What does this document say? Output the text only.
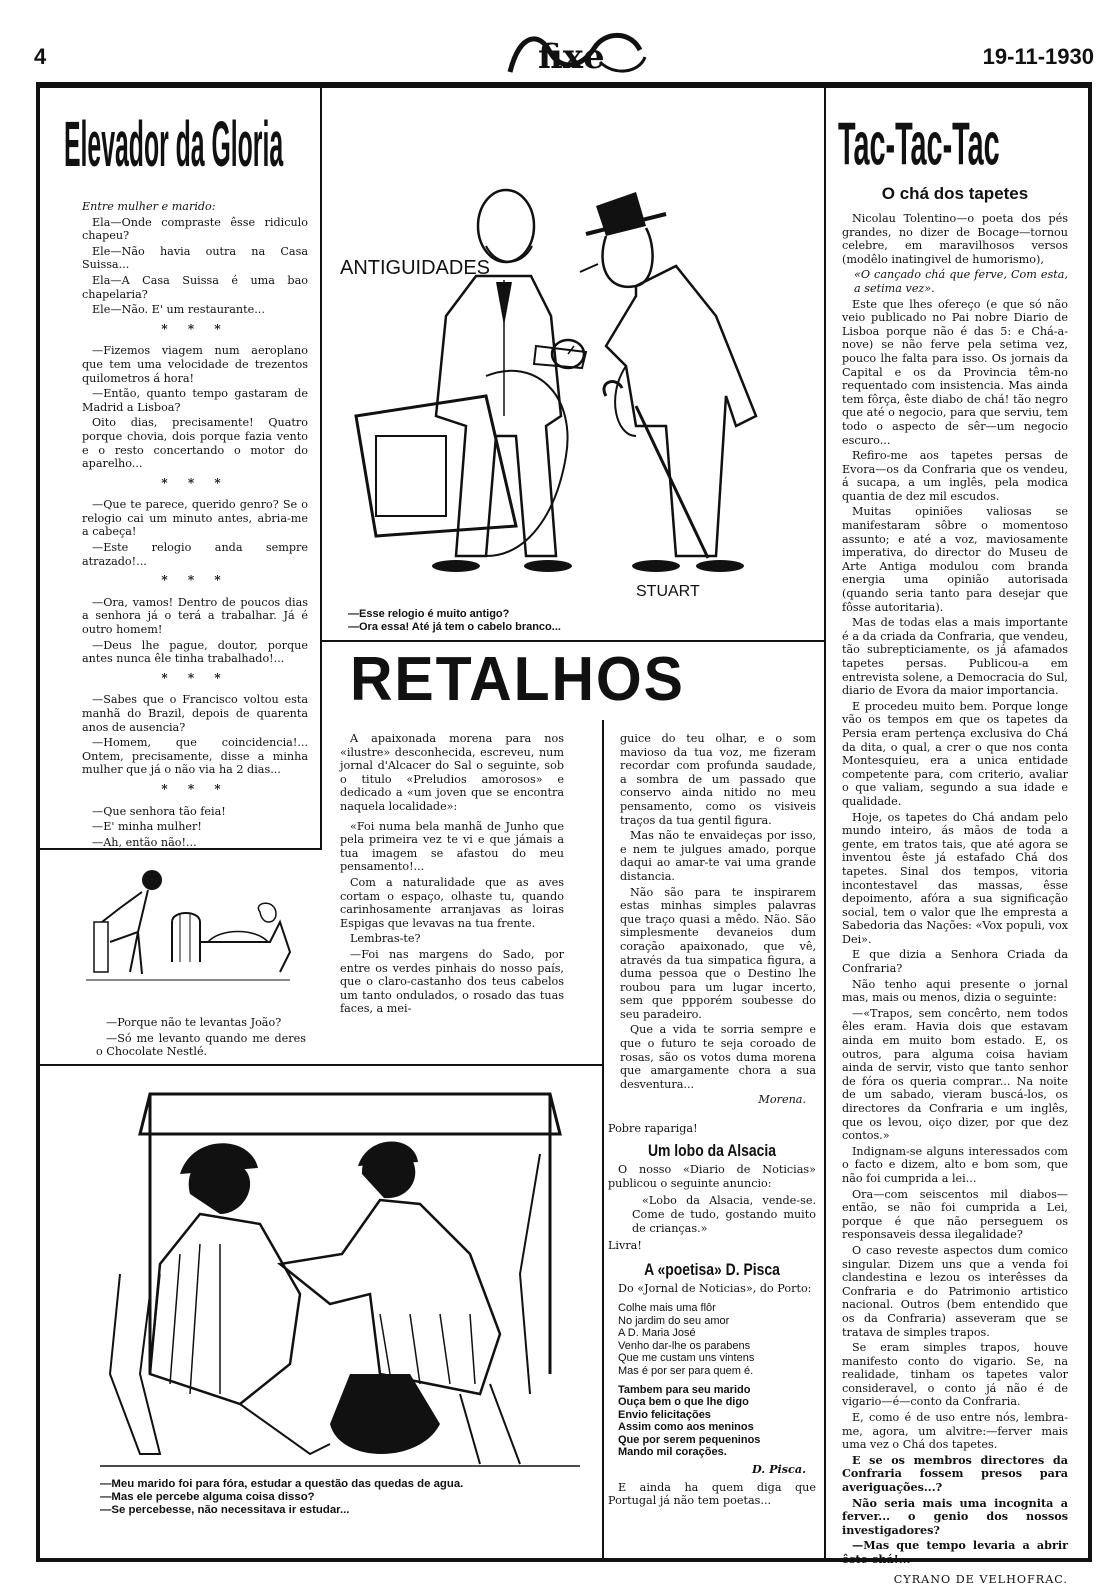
4	fixe	19-11-1930
Elevador da Gloria

Entre mulher e marido:

Ela—Onde compraste êsse ridiculo chapeu?

Ele—Não havia outra na Casa Suissa...

Ela—A Casa Suissa é uma bao chapelaria?

Ele—Não. E' um restaurante...

* * *

—Fizemos viagem num aeroplano que tem uma velocidade de trezentos quilometros á hora!

—Então, quanto tempo gastaram de Madrid a Lisboa?

Oito dias, precisamente! Quatro porque chovia, dois porque fazia vento e o resto concertando o motor do aparelho...

* * *

—Que te parece, querido genro? Se o relogio cai um minuto antes, abria-me a cabeça!

—Este relogio anda sempre atrazado!...

* * *

—Ora, vamos! Dentro de poucos dias a senhora já o terá a trabalhar. Já é outro homem!

—Deus lhe pague, doutor, porque antes nunca êle tinha trabalhado!...

* * *

—Sabes que o Francisco voltou esta manhã do Brazil, depois de quarenta anos de ausencia?

—Homem, que coincidencia!... Ontem, precisamente, disse a minha mulher que já o não via ha 2 dias...

* * *

—Que senhora tão feia!

—E' minha mulher!

—Ah, então não!...

—Porque não te levantas João?

—Só me levanto quando me deres o Chocolate Nestlé.

ANTIGUIDADES
STUART
—Esse relogio é muito antigo?
—Ora essa! Até já tem o cabelo branco...
RETALHOS

A apaixonada morena para nos «ilustre» desconhecida, escreveu, num jornal d'Alcacer do Sal o seguinte, sob o titulo «Preludios amorosos» e dedicado a «um joven que se encontra naquela localidade»:

«Foi numa bela manhã de Junho que pela primeira vez te vi e que jámais a tua imagem se afastou do meu pensamento!...

Com a naturalidade que as aves cortam o espaço, olhaste tu, quando carinhosamente arranjavas as loiras Espigas que levavas na tua frente.

Lembras-te?

—Foi nas margens do Sado, por entre os verdes pinhais do nosso país, que o claro-castanho dos teus cabelos um tanto ondulados, o rosado das tuas faces, a mei-

guice do teu olhar, e o som mavioso da tua voz, me fizeram recordar com profunda saudade, a sombra de um passado que conservo ainda nitido no meu pensamento, como os visiveis traços da tua gentil figura.

Mas não te envaideças por isso, e nem te julgues amado, porque daqui ao amar-te vai uma grande distancia.

Não são para te inspirarem estas minhas simples palavras que traço quasi a mêdo. Não. São simplesmente devaneios dum coração apaixonado, que vê, através da tua simpatica figura, a duma pessoa que o Destino lhe roubou para um lugar incerto, sem que ppporém soubesse do seu paradeiro.

Que a vida te sorria sempre e que o futuro te seja coroado de rosas, são os votos duma morena que amargamente chora a sua desventura...

Morena.

Pobre rapariga!

Um lobo da Alsacia

O nosso «Diario de Noticias» publicou o seguinte anuncio:

«Lobo da Alsacia, vende-se. Come de tudo, gostando muito de crianças.»

Livra!

A «poetisa» D. Pisca

Do «Jornal de Noticias», do Porto:

Colhe mais uma flôr
No jardim do seu amor
A D. Maria José
Venho dar-lhe os parabens
Que me custam uns vintens
Mas é por ser para quem é.
Tambem para seu marido
Ouça bem o que lhe digo
Envio felicitações
Assim como aos meninos
Que por serem pequeninos
Mando mil corações.
D. Pisca.

E ainda ha quem diga que Portugal já não tem poetas...

—Meu marido foi para fóra, estudar a questão das quedas de agua.
—Mas ele percebe alguma coisa disso?
—Se percebesse, não necessitava ir estudar...
Tac-Tac-Tac
O chá dos tapetes

Nicolau Tolentino—o poeta dos pés grandes, no dizer de Bocage—tornou celebre, em maravilhosos versos (modêlo inatingivel de humorismo),

«O cançado chá que ferve, Com esta, a setima vez».

Este que lhes ofereço (e que só não veio publicado no Pai nobre Diario de Lisboa porque não é das 5: e Chá-a-nove) se não ferve pela setima vez, pouco lhe falta para isso. Os jornais da Capital e os da Provincia têm-no requentado com insistencia. Mas ainda tem fôrça, êste diabo de chá! tão negro que até o negocio, para que serviu, tem todo o aspecto de sêr—um negocio escuro...

Refiro-me aos tapetes persas de Evora—os da Confraria que os vendeu, á sucapa, a um inglês, pela modica quantia de dez mil escudos.

Muitas opiniões valiosas se manifestaram sôbre o momentoso assunto; e até a voz, maviosamente imperativa, do director do Museu de Arte Antiga modulou com branda energia uma opinião autorisada (quando seria tanto para desejar que fôsse autoritaria).

Mas de todas elas a mais importante é a da criada da Confraria, que vendeu, tão subrepticiamente, os já afamados tapetes persas. Publicou-a em entrevista solene, a Democracia do Sul, diario de Evora da maior importancia.

E procedeu muito bem. Porque longe vão os tempos em que os tapetes da Persia eram pertença exclusiva do Chá da dita, o qual, a crer o que nos conta Montesquieu, era a unica entidade competente para, com criterio, avaliar o que valiam, segundo a sua idade e qualidade.

Hoje, os tapetes do Chá andam pelo mundo inteiro, ás mãos de toda a gente, em tratos tais, que até agora se inventou êste já estafado Chá dos tapetes. Sinal dos tempos, vitoria incontestavel das massas, êsse depoimento, afóra a sua significação social, tem o valor que lhe empresta a Sabedoria das Nações: «Vox populi, vox Dei».

E que dizia a Senhora Criada da Confraria?

Não tenho aqui presente o jornal mas, mais ou menos, dizia o seguinte:

—«Trapos, sem concêrto, nem todos êles eram. Havia dois que estavam ainda em muito bom estado. E, os outros, para alguma coisa haviam ainda de servir, visto que tanto senhor de fóra os queria comprar... Na noite de um sabado, vieram buscá-los, os directores da Confraria e um inglês, que os levou, oiço dizer, por que dez contos.»

Indignam-se alguns interessados com o facto e dizem, alto e bom som, que não foi cumprida a lei...

Ora—com seiscentos mil diabos—então, se não foi cumprida a Lei, porque é que não perseguem os responsaveis dessa ilegalidade?

O caso reveste aspectos dum comico singular. Dizem uns que a venda foi clandestina e lezou os interêsses da Confraria e do Patrimonio artistico nacional. Outros (bem entendido que os da Confraria) asseveram que se tratava de simples trapos.

Se eram simples trapos, houve manifesto conto do vigario. Se, na realidade, tinham os tapetes valor consideravel, o conto já não é de vigario—é—conto da Confraria.

E, como é de uso entre nós, lembra-me, agora, um alvitre:—ferver mais uma vez o Chá dos tapetes.

E se os membros directores da Confraria fossem presos para averiguações...?

Não seria mais uma incognita a ferver... o genio dos nossos investigadores?

—Mas que tempo levaria a abrir êste chá!...

CYRANO DE VELHOFRAC.
